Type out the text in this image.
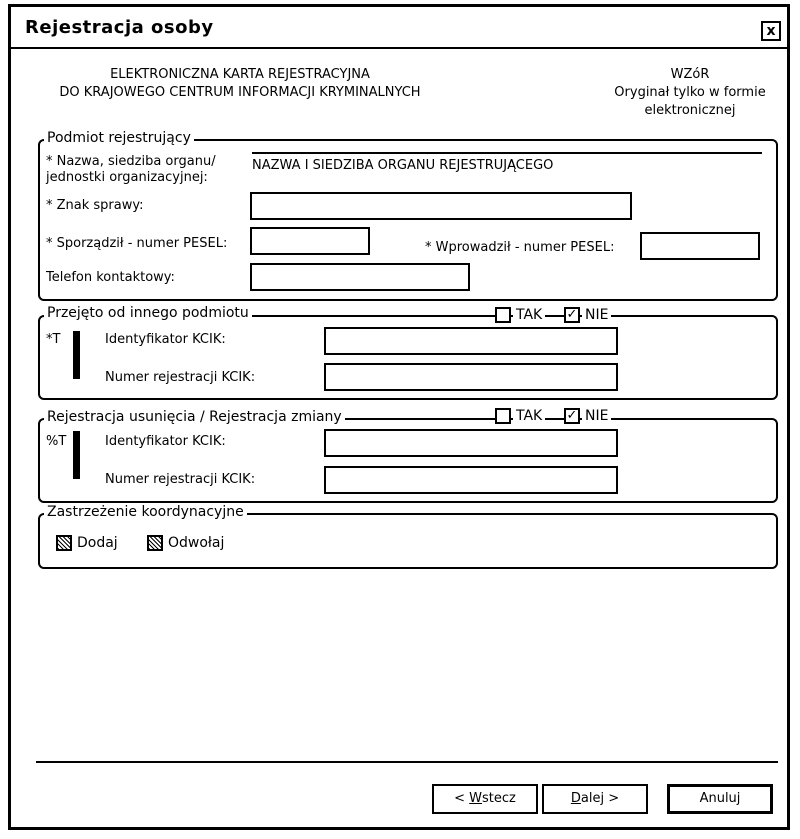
Rejestracja osoby	x
ELEKTRONICZNA KARTA REJESTRACYJNA
DO KRAJOWEGO CENTRUM INFORMACJI KRYMINALNYCH
WZóR
Oryginał tylko w formie
elektronicznej
Podmiot rejestrujący
* Nazwa, siedziba organu/
jednostki organizacyjnej:
NAZWA I SIEDZIBA ORGANU REJESTRUJĄCEGO
* Znak sprawy:
* Sporządził - numer PESEL:	* Wprowadził - numer PESEL:
Telefon kontaktowy:
Przejęto od innego podmiotu	TAK ✓ NIE
*T	Identyfikator KCIK:
Numer rejestracji KCIK:
Rejestracja usunięcia / Rejestracja zmiany	TAK ✓ NIE
%T	Identyfikator KCIK:
Numer rejestracji KCIK:
Zastrzeżenie koordynacyjne
Dodaj	Odwołaj
< Wstecz	Dalej >	Anuluj
